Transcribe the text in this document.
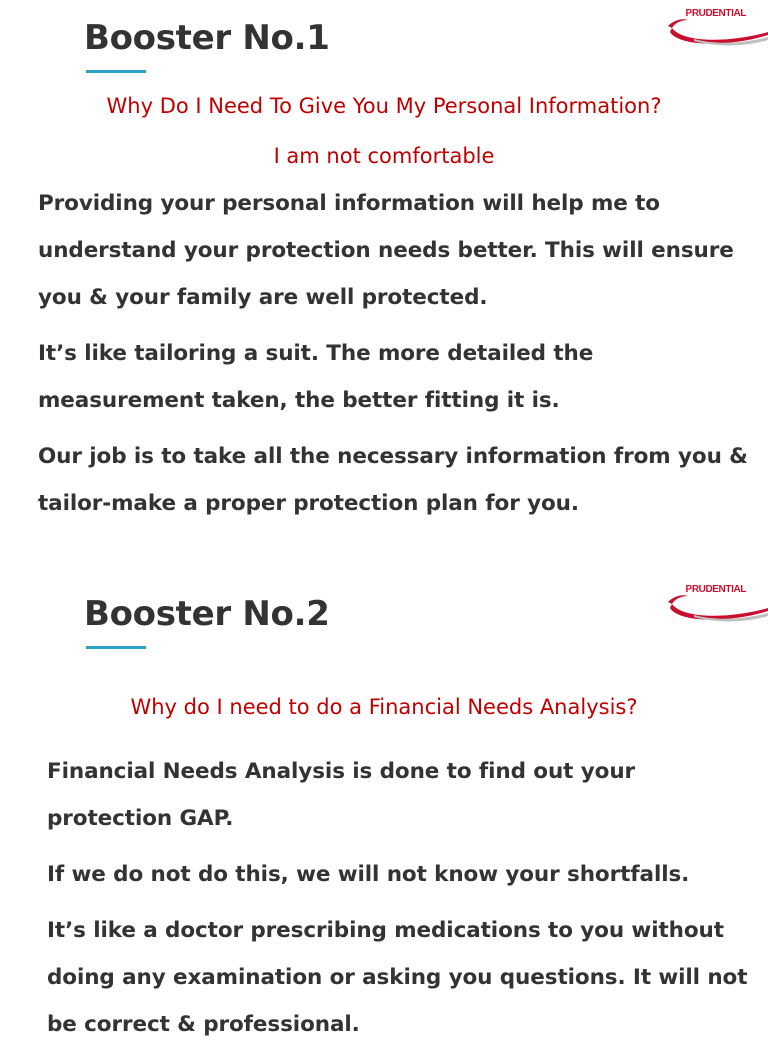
PRUDENTIAL
Booster No.1
Why Do I Need To Give You My Personal Information?
I am not comfortable

Providing your personal information will help me to understand your protection needs better. This will ensure you & your family are well protected.

It’s like tailoring a suit. The more detailed the measurement taken, the better fitting it is.

Our job is to take all the necessary information from you & tailor-make a proper protection plan for you.

PRUDENTIAL
Booster No.2
Why do I need to do a Financial Needs Analysis?

Financial Needs Analysis is done to find out your protection GAP.

If we do not do this, we will not know your shortfalls.

It’s like a doctor prescribing medications to you without doing any examination or asking you questions. It will not be correct & professional.
